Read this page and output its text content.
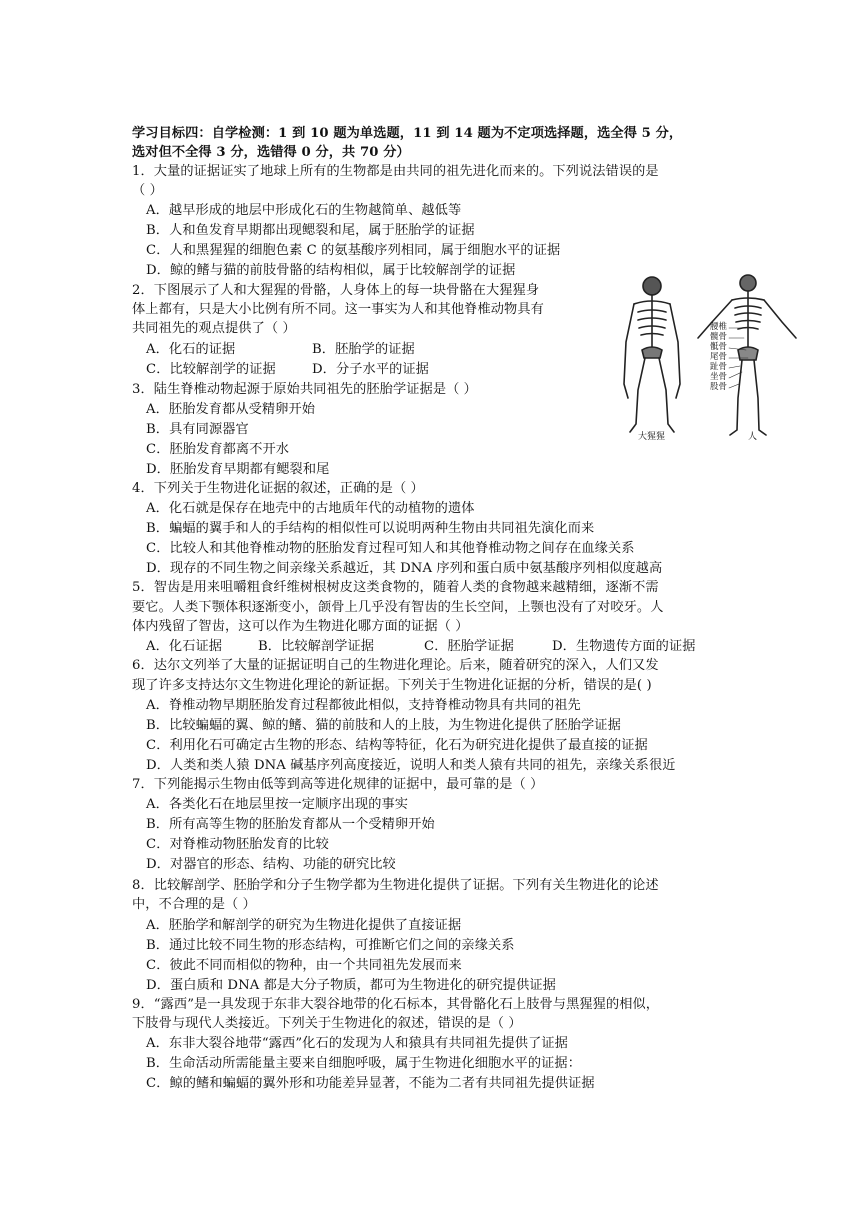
学习目标四：自学检测：1 到 10 题为单选题，11 到 14 题为不定项选择题，选全得 5 分，
选对但不全得 3 分，选错得 0 分，共 70 分）
1．大量的证据证实了地球上所有的生物都是由共同的祖先进化而来的。下列说法错误的是
（ ）
A．越早形成的地层中形成化石的生物越简单、越低等
B．人和鱼发育早期都出现鳃裂和尾，属于胚胎学的证据
C．人和黑猩猩的细胞色素 C 的氨基酸序列相同，属于细胞水平的证据
D．鲸的鳍与猫的前肢骨骼的结构相似，属于比较解剖学的证据
2．下图展示了人和大猩猩的骨骼，人身体上的每一块骨骼在大猩猩身
体上都有，只是大小比例有所不同。这一事实为人和其他脊椎动物具有
共同祖先的观点提供了（ ）
A．化石的证据	B．胚胎学的证据
C．比较解剖学的证据	D．分子水平的证据
腰椎
髋骨
骶骨
尾骨
趾骨
坐骨
股骨
大猩猩	人
3．陆生脊椎动物起源于原始共同祖先的胚胎学证据是（ ）
A．胚胎发育都从受精卵开始
B．具有同源器官
C．胚胎发育都离不开水
D．胚胎发育早期都有鳃裂和尾
4．下列关于生物进化证据的叙述，正确的是（ ）
A．化石就是保存在地壳中的古地质年代的动植物的遗体
B．蝙蝠的翼手和人的手结构的相似性可以说明两种生物由共同祖先演化而来
C．比较人和其他脊椎动物的胚胎发育过程可知人和其他脊椎动物之间存在血缘关系
D．现存的不同生物之间亲缘关系越近，其 DNA 序列和蛋白质中氨基酸序列相似度越高
5．智齿是用来咀嚼粗食纤维树根树皮这类食物的，随着人类的食物越来越精细，逐渐不需
要它。人类下颚体积逐渐变小，颌骨上几乎没有智齿的生长空间，上颚也没有了对咬牙。人
体内残留了智齿，这可以作为生物进化哪方面的证据（ ）
A．化石证据	B．比较解剖学证据	C．胚胎学证据	D．生物遗传方面的证据
6．达尔文列举了大量的证据证明自己的生物进化理论。后来，随着研究的深入，人们又发
现了许多支持达尔文生物进化理论的新证据。下列关于生物进化证据的分析，错误的是( )
A．脊椎动物早期胚胎发育过程都彼此相似，支持脊椎动物具有共同的祖先
B．比较蝙蝠的翼、鲸的鳍、猫的前肢和人的上肢，为生物进化提供了胚胎学证据
C．利用化石可确定古生物的形态、结构等特征，化石为研究进化提供了最直接的证据
D．人类和类人猿 DNA 碱基序列高度接近，说明人和类人猿有共同的祖先，亲缘关系很近
7．下列能揭示生物由低等到高等进化规律的证据中，最可靠的是（ ）
A．各类化石在地层里按一定顺序出现的事实
B．所有高等生物的胚胎发育都从一个受精卵开始
C．对脊椎动物胚胎发育的比较
D．对器官的形态、结构、功能的研究比较
8．比较解剖学、胚胎学和分子生物学都为生物进化提供了证据。下列有关生物进化的论述
中，不合理的是（ ）
A．胚胎学和解剖学的研究为生物进化提供了直接证据
B．通过比较不同生物的形态结构，可推断它们之间的亲缘关系
C．彼此不同而相似的物种，由一个共同祖先发展而来
D．蛋白质和 DNA 都是大分子物质，都可为生物进化的研究提供证据
9．“露西”是一具发现于东非大裂谷地带的化石标本，其骨骼化石上肢骨与黑猩猩的相似，
下肢骨与现代人类接近。下列关于生物进化的叙述，错误的是（ ）
A．东非大裂谷地带“露西”化石的发现为人和猿具有共同祖先提供了证据
B．生命活动所需能量主要来自细胞呼吸，属于生物进化细胞水平的证据：
C．鲸的鳍和蝙蝠的翼外形和功能差异显著，不能为二者有共同祖先提供证据
